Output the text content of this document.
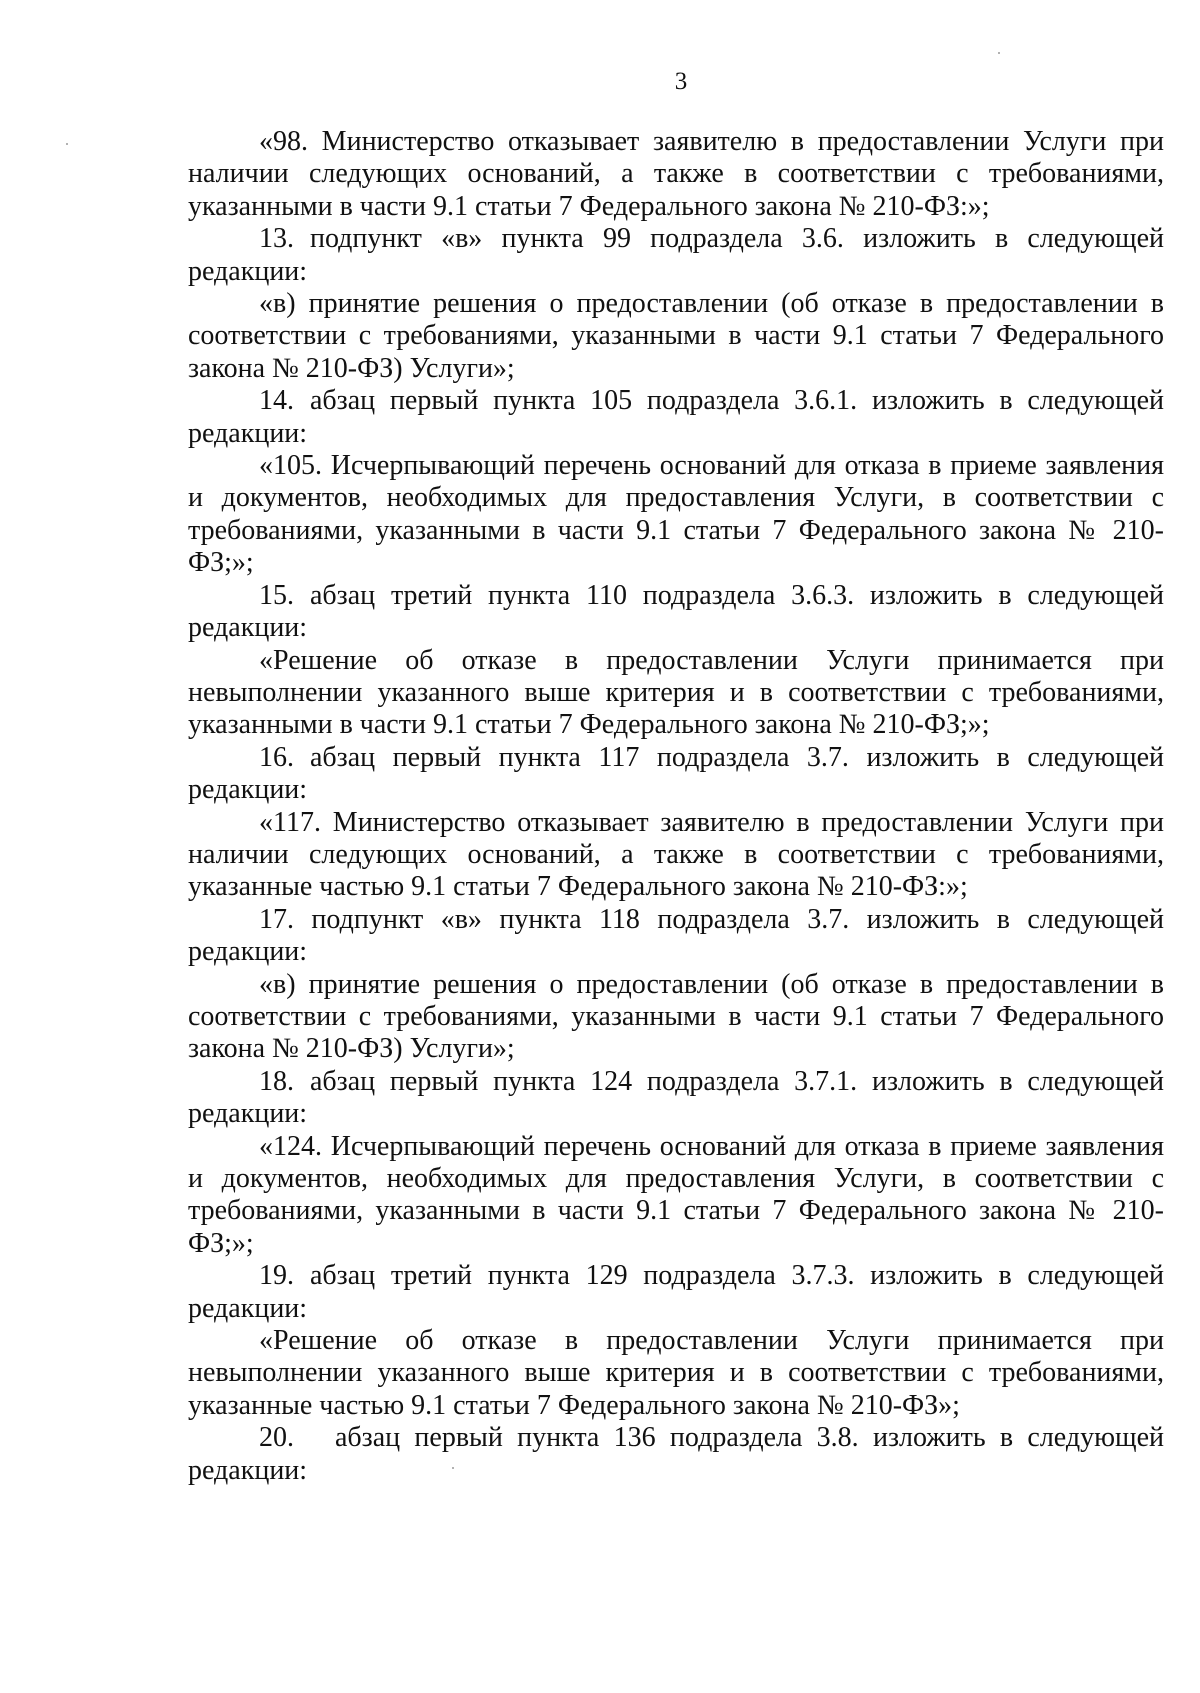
3

«98. Министерство отказывает заявителю в предоставлении Услуги при наличии следующих оснований, а также в соответствии с требованиями, указанными в части 9.1 статьи 7 Федерального закона № 210-ФЗ:»;

13. подпункт «в» пункта 99 подраздела 3.6. изложить в следующей редакции:

«в) принятие решения о предоставлении (об отказе в предоставлении в соответствии с требованиями, указанными в части 9.1 статьи 7 Федерального закона № 210-ФЗ) Услуги»;

14. абзац первый пункта 105 подраздела 3.6.1. изложить в следующей редакции:

«105. Исчерпывающий перечень оснований для отказа в приеме заявления и документов, необходимых для предоставления Услуги, в соответствии с требованиями, указанными в части 9.1 статьи 7 Федерального закона № 210-ФЗ;»;

15. абзац третий пункта 110 подраздела 3.6.3. изложить в следующей редакции:

«Решение об отказе в предоставлении Услуги принимается при невыполнении указанного выше критерия и в соответствии с требованиями, указанными в части 9.1 статьи 7 Федерального закона № 210-ФЗ;»;

16. абзац первый пункта 117 подраздела 3.7. изложить в следующей редакции:

«117. Министерство отказывает заявителю в предоставлении Услуги при наличии следующих оснований, а также в соответствии с требованиями, указанные частью 9.1 статьи 7 Федерального закона № 210-ФЗ:»;

17. подпункт «в» пункта 118 подраздела 3.7. изложить в следующей редакции:

«в) принятие решения о предоставлении (об отказе в предоставлении в соответствии с требованиями, указанными в части 9.1 статьи 7 Федерального закона № 210-ФЗ) Услуги»;

18. абзац первый пункта 124 подраздела 3.7.1. изложить в следующей редакции:

«124. Исчерпывающий перечень оснований для отказа в приеме заявления и документов, необходимых для предоставления Услуги, в соответствии с требованиями, указанными в части 9.1 статьи 7 Федерального закона № 210-ФЗ;»;

19. абзац третий пункта 129 подраздела 3.7.3. изложить в следующей редакции:

«Решение об отказе в предоставлении Услуги принимается при невыполнении указанного выше критерия и в соответствии с требованиями, указанные частью 9.1 статьи 7 Федерального закона № 210-ФЗ»;

20. абзац первый пункта 136 подраздела 3.8. изложить в следующей редакции:
